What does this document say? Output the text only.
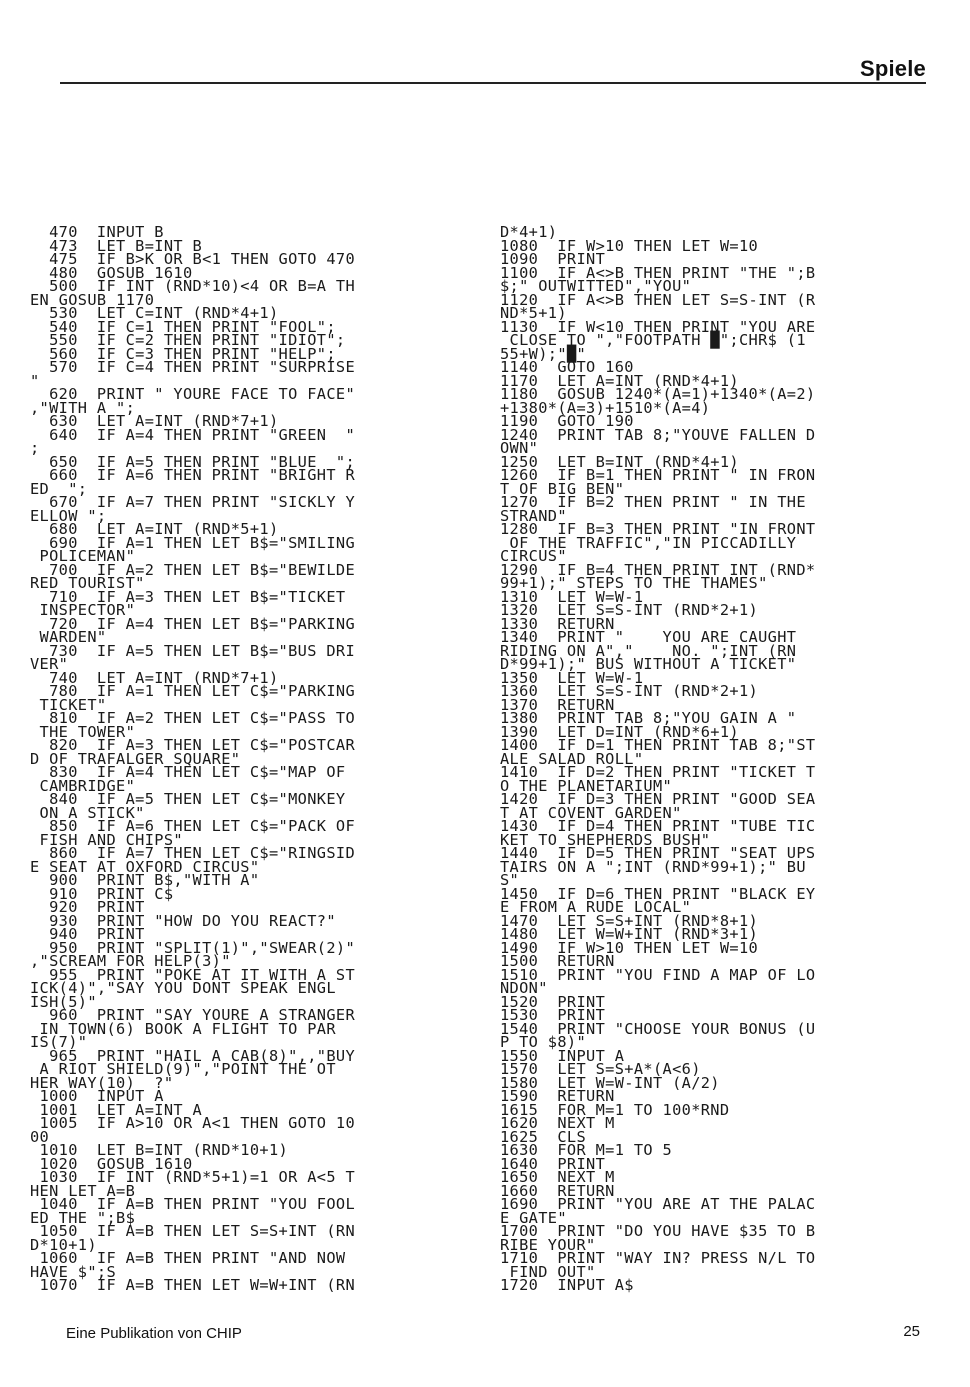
Spiele
470  INPUT B
473  LET B=INT B
475  IF B>K OR B<1 THEN GOTO 470
480  GOSUB 1610
500  IF INT (RND*10)<4 OR B=A TH
EN GOSUB 1170
530  LET C=INT (RND*4+1)
540  IF C=1 THEN PRINT "FOOL";
550  IF C=2 THEN PRINT "IDIOT";
560  IF C=3 THEN PRINT "HELP";
570  IF C=4 THEN PRINT "SURPRISE
"
620  PRINT " YOURE FACE TO FACE"
,"WITH A ";
630  LET A=INT (RND*7+1)
640  IF A=4 THEN PRINT "GREEN  "
;
650  IF A=5 THEN PRINT "BLUE  ";
660  IF A=6 THEN PRINT "BRIGHT R
ED  ";
670  IF A=7 THEN PRINT "SICKLY Y
ELLOW ";
680  LET A=INT (RND*5+1)
690  IF A=1 THEN LET B$="SMILING
POLICEMAN"
700  IF A=2 THEN LET B$="BEWILDE
RED TOURIST"
710  IF A=3 THEN LET B$="TICKET
INSPECTOR"
720  IF A=4 THEN LET B$="PARKING
WARDEN"
730  IF A=5 THEN LET B$="BUS DRI
VER"
740  LET A=INT (RND*7+1)
780  IF A=1 THEN LET C$="PARKING
TICKET"
810  IF A=2 THEN LET C$="PASS TO
THE TOWER"
820  IF A=3 THEN LET C$="POSTCAR
D OF TRAFALGER SQUARE"
830  IF A=4 THEN LET C$="MAP OF
CAMBRIDGE"
840  IF A=5 THEN LET C$="MONKEY
ON A STICK"
850  IF A=6 THEN LET C$="PACK OF
FISH AND CHIPS"
860  IF A=7 THEN LET C$="RINGSID
E SEAT AT OXFORD CIRCUS"
900  PRINT B$,"WITH A"
910  PRINT C$
920  PRINT
930  PRINT "HOW DO YOU REACT?"
940  PRINT
950  PRINT "SPLIT(1)","SWEAR(2)"
,"SCREAM FOR HELP(3)"
955  PRINT "POKE AT IT WITH A ST
ICK(4)","SAY YOU DONT SPEAK ENGL
ISH(5)"
960  PRINT "SAY YOURE A STRANGER
IN TOWN(6) BOOK A FLIGHT TO PAR
IS(7)"
965  PRINT "HAIL A CAB(8)",,"BUY
A RIOT SHIELD(9)","POINT THE OT
HER WAY(10)  ?"
1000  INPUT A
1001  LET A=INT A
1005  IF A>10 OR A<1 THEN GOTO 10
00
1010  LET B=INT (RND*10+1)
1020  GOSUB 1610
1030  IF INT (RND*5+1)=1 OR A<5 T
HEN LET A=B
1040  IF A=B THEN PRINT "YOU FOOL
ED THE ";B$
1050  IF A=B THEN LET S=S+INT (RN
D*10+1)
1060  IF A=B THEN PRINT "AND NOW
HAVE $";S
1070  IF A=B THEN LET W=W+INT (RN
D*4+1)
1080  IF W>10 THEN LET W=10
1090  PRINT
1100  IF A<>B THEN PRINT "THE ";B
$;" OUTWITTED","YOU"
1120  IF A<>B THEN LET S=S-INT (R
ND*5+1)
1130  IF W<10 THEN PRINT "YOU ARE
CLOSE TO ","FOOTPATH █";CHR$ (1
55+W);"█"
1140  GOTO 160
1170  LET A=INT (RND*4+1)
1180  GOSUB 1240*(A=1)+1340*(A=2)
+1380*(A=3)+1510*(A=4)
1190  GOTO 190
1240  PRINT TAB 8;"YOUVE FALLEN D
OWN"
1250  LET B=INT (RND*4+1)
1260  IF B=1 THEN PRINT " IN FRON
T OF BIG BEN"
1270  IF B=2 THEN PRINT " IN THE
STRAND"
1280  IF B=3 THEN PRINT "IN FRONT
OF THE TRAFFIC","IN PICCADILLY
CIRCUS"
1290  IF B=4 THEN PRINT INT (RND*
99+1);" STEPS TO THE THAMES"
1310  LET W=W-1
1320  LET S=S-INT (RND*2+1)
1330  RETURN
1340  PRINT "    YOU ARE CAUGHT
RIDING ON A","    NO. ";INT (RN
D*99+1);" BUS WITHOUT A TICKET"
1350  LET W=W-1
1360  LET S=S-INT (RND*2+1)
1370  RETURN
1380  PRINT TAB 8;"YOU GAIN A "
1390  LET D=INT (RND*6+1)
1400  IF D=1 THEN PRINT TAB 8;"ST
ALE SALAD ROLL"
1410  IF D=2 THEN PRINT "TICKET T
O THE PLANETARIUM"
1420  IF D=3 THEN PRINT "GOOD SEA
T AT COVENT GARDEN"
1430  IF D=4 THEN PRINT "TUBE TIC
KET TO SHEPHERDS BUSH"
1440  IF D=5 THEN PRINT "SEAT UPS
TAIRS ON A ";INT (RND*99+1);" BU
S"
1450  IF D=6 THEN PRINT "BLACK EY
E FROM A RUDE LOCAL"
1470  LET S=S+INT (RND*8+1)
1480  LET W=W+INT (RND*3+1)
1490  IF W>10 THEN LET W=10
1500  RETURN
1510  PRINT "YOU FIND A MAP OF LO
NDON"
1520  PRINT
1530  PRINT
1540  PRINT "CHOOSE YOUR BONUS (U
P TO $8)"
1550  INPUT A
1570  LET S=S+A*(A<6)
1580  LET W=W-INT (A/2)
1590  RETURN
1615  FOR M=1 TO 100*RND
1620  NEXT M
1625  CLS
1630  FOR M=1 TO 5
1640  PRINT
1650  NEXT M
1660  RETURN
1690  PRINT "YOU ARE AT THE PALAC
E GATE"
1700  PRINT "DO YOU HAVE $35 TO B
RIBE YOUR"
1710  PRINT "WAY IN? PRESS N/L TO
FIND OUT"
1720  INPUT A$
Eine Publikation von CHIP	25
